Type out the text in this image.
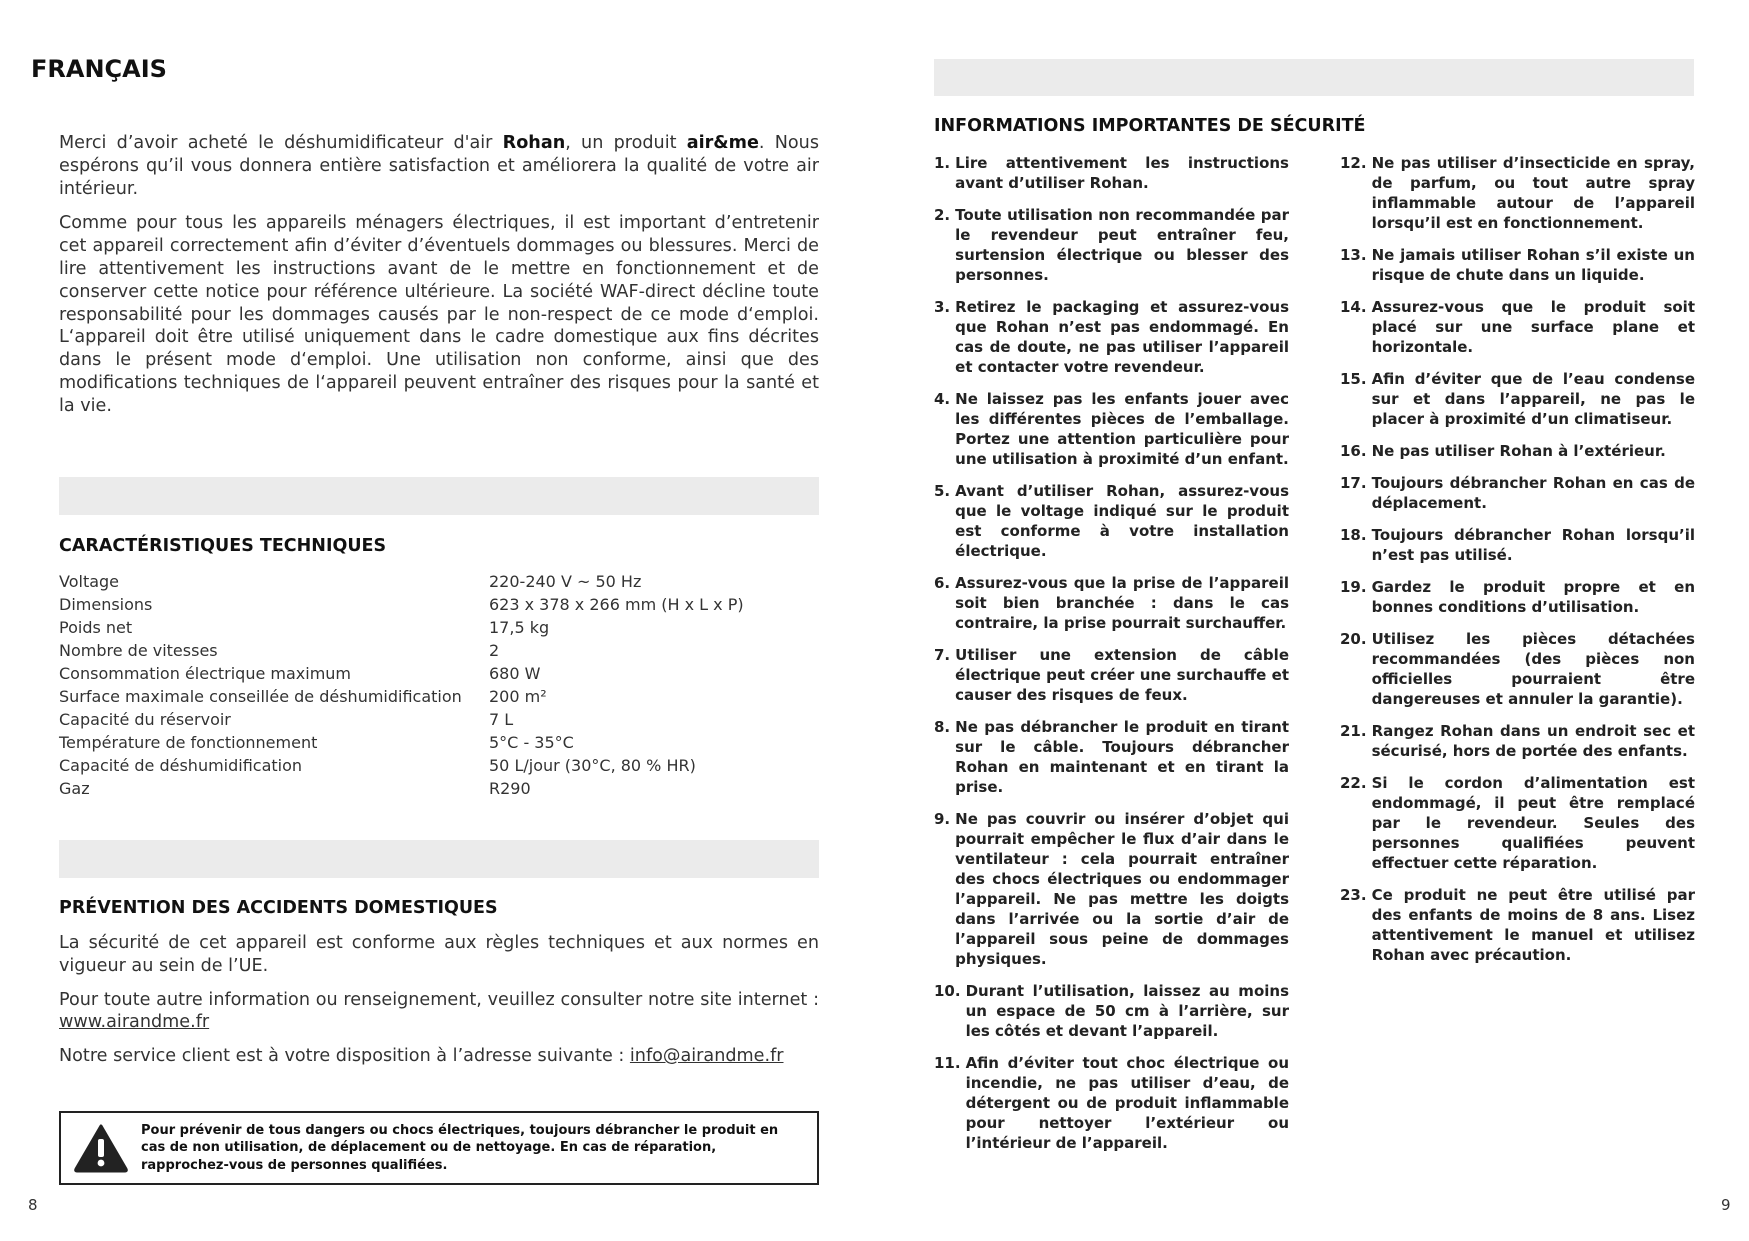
FRANÇAIS

Merci d’avoir acheté le déshumidificateur d'air Rohan, un produit air&me. Nous espérons qu’il vous donnera entière satisfaction et améliorera la qualité de votre air intérieur.

Comme pour tous les appareils ménagers électriques, il est important d’entretenir cet appareil correctement afin d’éviter d’éventuels dommages ou blessures. Merci de lire attentivement les instructions avant de le mettre en fonctionnement et de conserver cette notice pour référence ultérieure. La société WAF-direct décline toute responsabilité pour les dommages causés par le non-respect de ce mode d‘emploi. L‘appareil doit être utilisé uniquement dans le cadre domestique aux fins décrites dans le présent mode d‘emploi. Une utilisation non conforme, ainsi que des modifications techniques de l‘appareil peuvent entraîner des risques pour la santé et la vie.

CARACTÉRISTIQUES TECHNIQUES
Voltage	220-240 V ~ 50 Hz
Dimensions	623 x 378 x 266 mm (H x L x P)
Poids net	17,5 kg
Nombre de vitesses	2
Consommation électrique maximum	680 W
Surface maximale conseillée de déshumidification	200 m²
Capacité du réservoir	7 L
Température de fonctionnement	5°C - 35°C
Capacité de déshumidification	50 L/jour (30°C, 80 % HR)
Gaz	R290
PRÉVENTION DES ACCIDENTS DOMESTIQUES

La sécurité de cet appareil est conforme aux règles techniques et aux normes en vigueur au sein de l’UE.

Pour toute autre information ou renseignement, veuillez consulter notre site internet : www.airandme.fr

Notre service client est à votre disposition à l’adresse suivante : info@airandme.fr

Pour prévenir de tous dangers ou chocs électriques, toujours débrancher le produit en cas de non utilisation, de déplacement ou de nettoyage. En cas de réparation, rapprochez-vous de personnes qualifiées.
8
INFORMATIONS IMPORTANTES DE SÉCURITÉ
1. Lire attentivement les instructions avant d’utiliser Rohan.
2. Toute utilisation non recommandée par le revendeur peut entraîner feu, surtension électrique ou blesser des personnes.
3. Retirez le packaging et assurez-vous que Rohan n’est pas endommagé. En cas de doute, ne pas utiliser l’appareil et contacter votre revendeur.
4. Ne laissez pas les enfants jouer avec les différentes pièces de l’emballage. Portez une attention particulière pour une utilisation à proximité d’un enfant.
5. Avant d’utiliser Rohan, assurez-vous que le voltage indiqué sur le produit est conforme à votre installation électrique.
6. Assurez-vous que la prise de l’appareil soit bien branchée : dans le cas contraire, la prise pourrait surchauffer.
7. Utiliser une extension de câble électrique peut créer une surchauffe et causer des risques de feux.
8. Ne pas débrancher le produit en tirant sur le câble. Toujours débrancher Rohan en maintenant et en tirant la prise.
9. Ne pas couvrir ou insérer d’objet qui pourrait empêcher le flux d’air dans le ventilateur : cela pourrait entraîner des chocs électriques ou endommager l’appareil. Ne pas mettre les doigts dans l’arrivée ou la sortie d’air de l’appareil sous peine de dommages physiques.
10. Durant l’utilisation, laissez au moins un espace de 50 cm à l’arrière, sur les côtés et devant l’appareil.
11. Afin d’éviter tout choc électrique ou incendie, ne pas utiliser d’eau, de détergent ou de produit inflammable pour nettoyer l’extérieur ou l’intérieur de l’appareil.
12. Ne pas utiliser d’insecticide en spray, de parfum, ou tout autre spray inflammable autour de l’appareil lorsqu’il est en fonctionnement.
13. Ne jamais utiliser Rohan s’il existe un risque de chute dans un liquide.
14. Assurez-vous que le produit soit placé sur une surface plane et horizontale.
15. Afin d’éviter que de l’eau condense sur et dans l’appareil, ne pas le placer à proximité d’un climatiseur.
16. Ne pas utiliser Rohan à l’extérieur.
17. Toujours débrancher Rohan en cas de déplacement.
18. Toujours débrancher Rohan lorsqu’il n’est pas utilisé.
19. Gardez le produit propre et en bonnes conditions d’utilisation.
20. Utilisez les pièces détachées recommandées (des pièces non officielles pourraient être dangereuses et annuler la garantie).
21. Rangez Rohan dans un endroit sec et sécurisé, hors de portée des enfants.
22. Si le cordon d’alimentation est endommagé, il peut être remplacé par le revendeur. Seules des personnes qualifiées peuvent effectuer cette réparation.
23. Ce produit ne peut être utilisé par des enfants de moins de 8 ans. Lisez attentivement le manuel et utilisez Rohan avec précaution.
9
